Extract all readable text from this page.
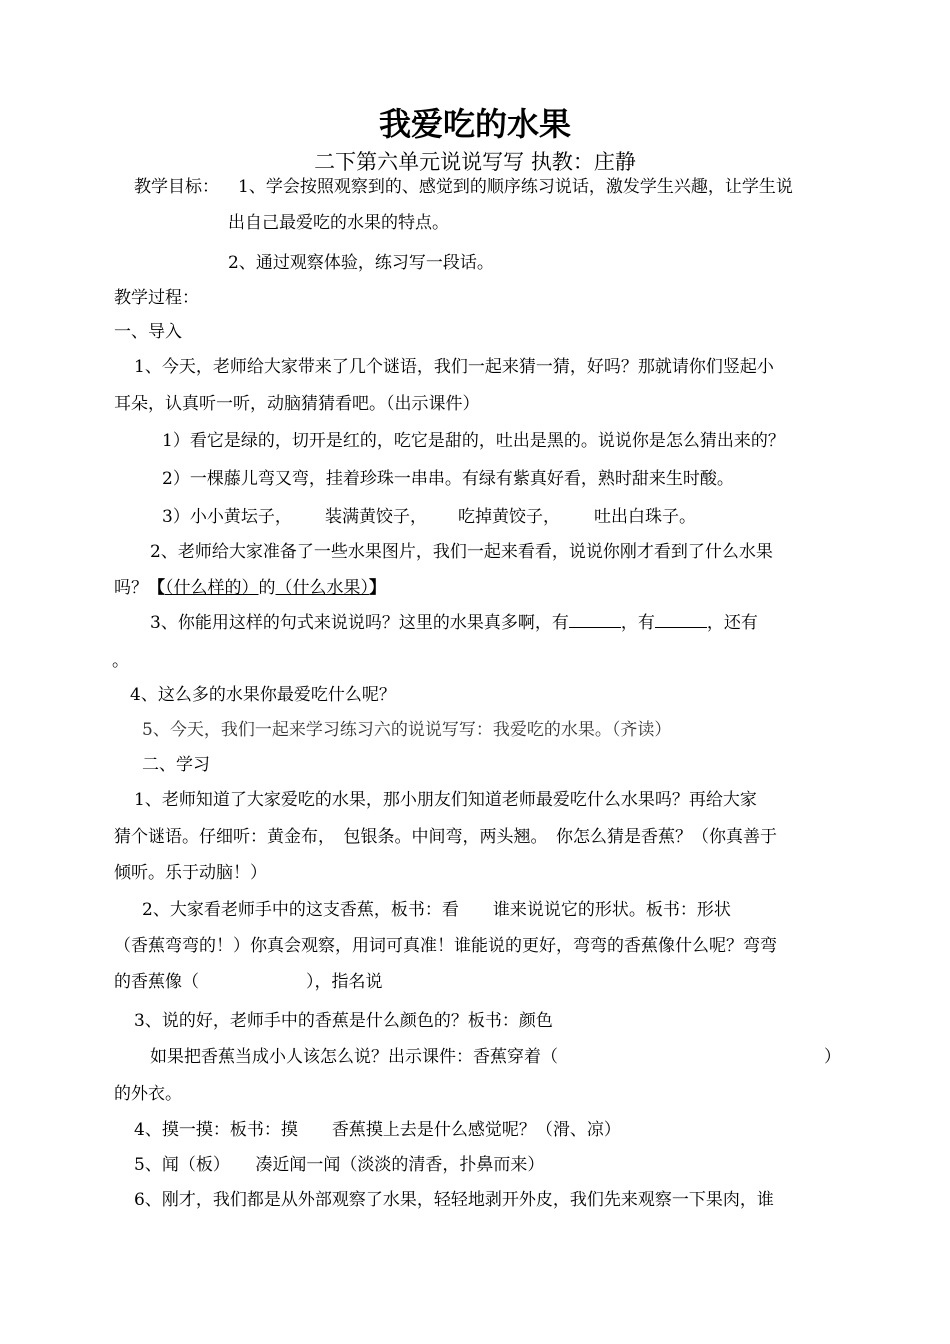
我爱吃的水果
二下第六单元说说写写 执教：庄静
教学目标： 1、学会按照观察到的、感觉到的顺序练习说话，激发学生兴趣，让学生说
出自己最爱吃的水果的特点。
2、通过观察体验，练习写一段话。
教学过程：
一、导入
1、今天，老师给大家带来了几个谜语，我们一起来猜一猜，好吗？那就请你们竖起小
耳朵，认真听一听，动脑猜猜看吧。（出示课件）
1）看它是绿的，切开是红的，吃它是甜的，吐出是黑的。说说你是怎么猜出来的？
2）一棵藤儿弯又弯，挂着珍珠一串串。有绿有紫真好看，熟时甜来生时酸。
3）小小黄坛子， 装满黄饺子， 吃掉黄饺子， 吐出白珠子。
2、老师给大家准备了一些水果图片，我们一起来看看，说说你刚才看到了什么水果
吗？【（什么样的）的（什么水果）】
3、你能用这样的句式来说说吗？这里的水果真多啊，有	，有	，还有
。
4、这么多的水果你最爱吃什么呢？
5、今天，我们一起来学习练习六的说说写写：我爱吃的水果。（齐读）
二、学习
1、老师知道了大家爱吃的水果，那小朋友们知道老师最爱吃什么水果吗？再给大家
猜个谜语。仔细听：黄金布，　包银条。中间弯，两头翘。　你怎么猜是香蕉？（你真善于
倾听。乐于动脑！）
2、大家看老师手中的这支香蕉，板书：看　　谁来说说它的形状。板书：形状
（香蕉弯弯的！）你真会观察，用词可真准！谁能说的更好，弯弯的香蕉像什么呢？弯弯
的香蕉像（	），指名说
3、说的好，老师手中的香蕉是什么颜色的？板书：颜色
如果把香蕉当成小人该怎么说？出示课件：香蕉穿着（	）
的外衣。
4、摸一摸：板书：摸　　香蕉摸上去是什么感觉呢？（滑、凉）
5、闻（板）　　凑近闻一闻（淡淡的清香，扑鼻而来）
6、刚才，我们都是从外部观察了水果，轻轻地剥开外皮，我们先来观察一下果肉，谁
